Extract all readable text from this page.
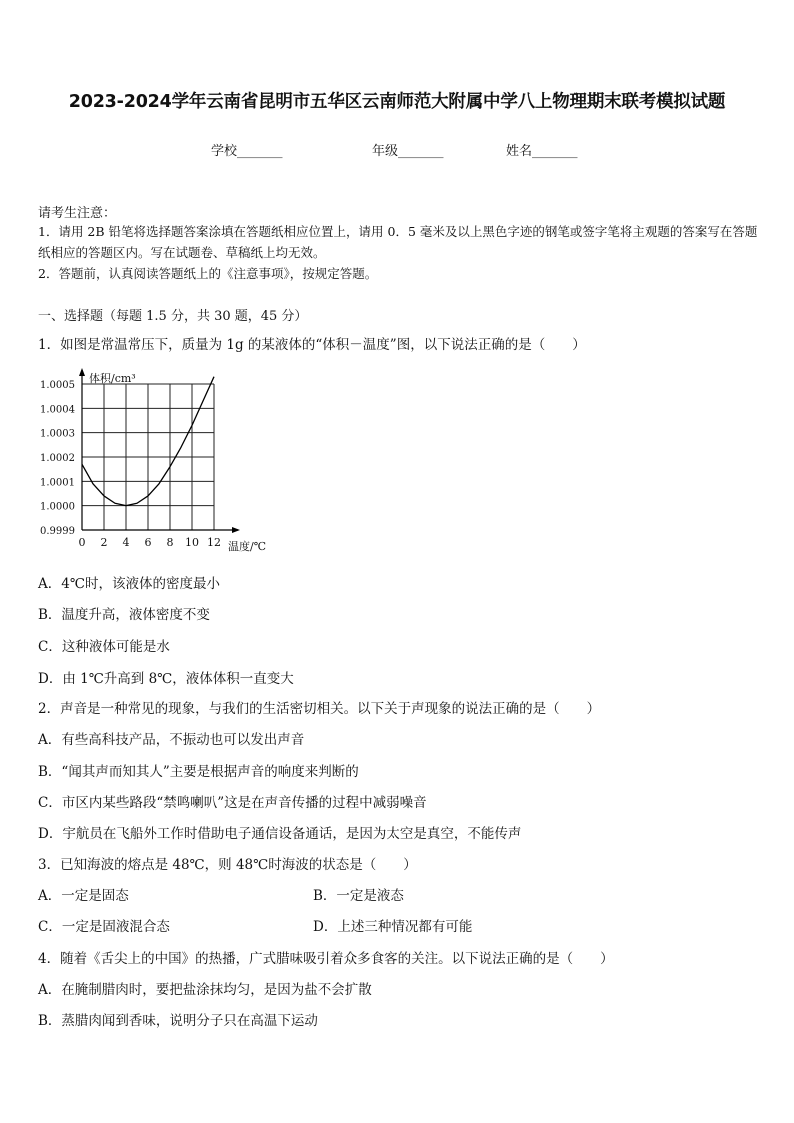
2023-2024学年云南省昆明市五华区云南师范大附属中学八上物理期末联考模拟试题
学校_______	年级_______	姓名_______
请考生注意：
1．请用 2B 铅笔将选择题答案涂填在答题纸相应位置上，请用 0．5 毫米及以上黑色字迹的钢笔或签字笔将主观题的答案写在答题纸相应的答题区内。写在试题卷、草稿纸上均无效。
2．答题前，认真阅读答题纸上的《注意事项》，按规定答题。
一、选择题（每题 1.5 分，共 30 题，45 分）
1．如图是常温常压下，质量为 1g 的某液体的“体积－温度”图，以下说法正确的是（　　）
0 2 4 6 8 10 12
0.9999
1.0000
1.0001
1.0002
1.0003
1.0004
1.0005
体积/cm³
温度/℃
A．4℃时，该液体的密度最小
B．温度升高，液体密度不变
C．这种液体可能是水
D．由 1℃升高到 8℃，液体体积一直变大
2．声音是一种常见的现象，与我们的生活密切相关。以下关于声现象的说法正确的是（　　）
A．有些高科技产品，不振动也可以发出声音
B．“闻其声而知其人”主要是根据声音的响度来判断的
C．市区内某些路段“禁鸣喇叭”这是在声音传播的过程中减弱噪音
D．宇航员在飞船外工作时借助电子通信设备通话，是因为太空是真空，不能传声
3．已知海波的熔点是 48℃，则 48℃时海波的状态是（　　）
A．一定是固态	B．一定是液态
C．一定是固液混合态	D．上述三种情况都有可能
4．随着《舌尖上的中国》的热播，广式腊味吸引着众多食客的关注。以下说法正确的是（　　）
A．在腌制腊肉时，要把盐涂抹均匀，是因为盐不会扩散
B．蒸腊肉闻到香味，说明分子只在高温下运动
